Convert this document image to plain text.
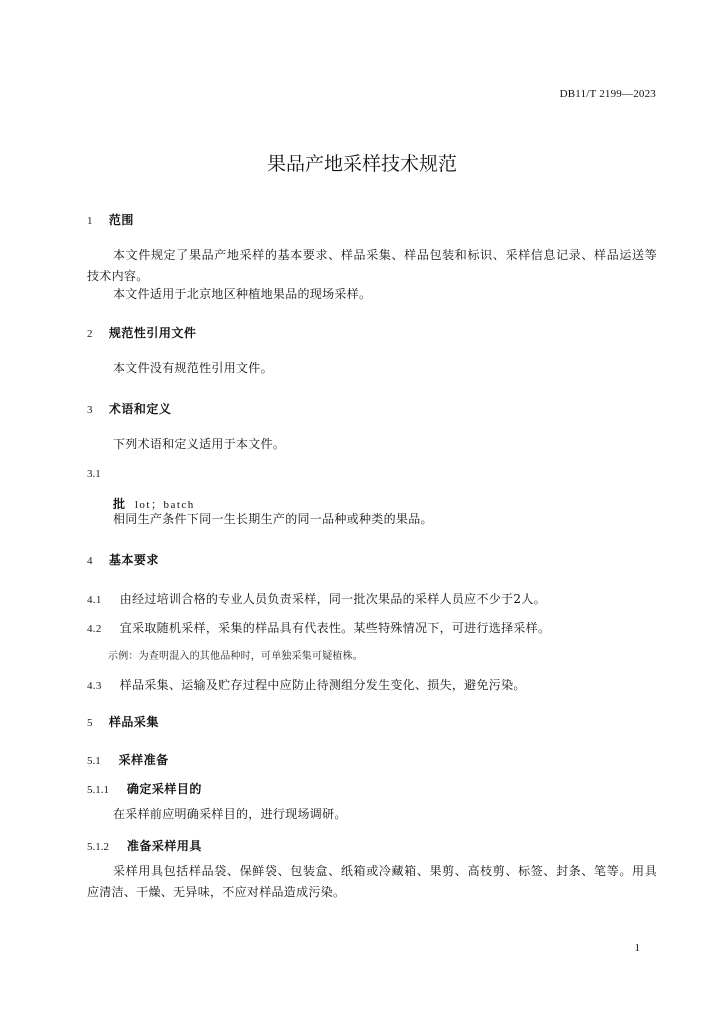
DB11/T 2199—2023
果品产地采样技术规范
1 范围
本文件规定了果品产地采样的基本要求、样品采集、样品包装和标识、采样信息记录、样品运送等
技术内容。
本文件适用于北京地区种植地果品的现场采样。
2 规范性引用文件
本文件没有规范性引用文件。
3 术语和定义
下列术语和定义适用于本文件。
3.1
批 lot；batch
相同生产条件下同一生长期生产的同一品种或种类的果品。
4 基本要求
4.1 由经过培训合格的专业人员负责采样，同一批次果品的采样人员应不少于2人。
4.2 宜采取随机采样，采集的样品具有代表性。某些特殊情况下，可进行选择采样。
示例：为查明混入的其他品种时，可单独采集可疑植株。
4.3 样品采集、运输及贮存过程中应防止待测组分发生变化、损失，避免污染。
5 样品采集
5.1 采样准备
5.1.1 确定采样目的
在采样前应明确采样目的，进行现场调研。
5.1.2 准备采样用具
采样用具包括样品袋、保鲜袋、包装盒、纸箱或冷藏箱、果剪、高枝剪、标签、封条、笔等。用具
应清洁、干燥、无异味，不应对样品造成污染。
1
